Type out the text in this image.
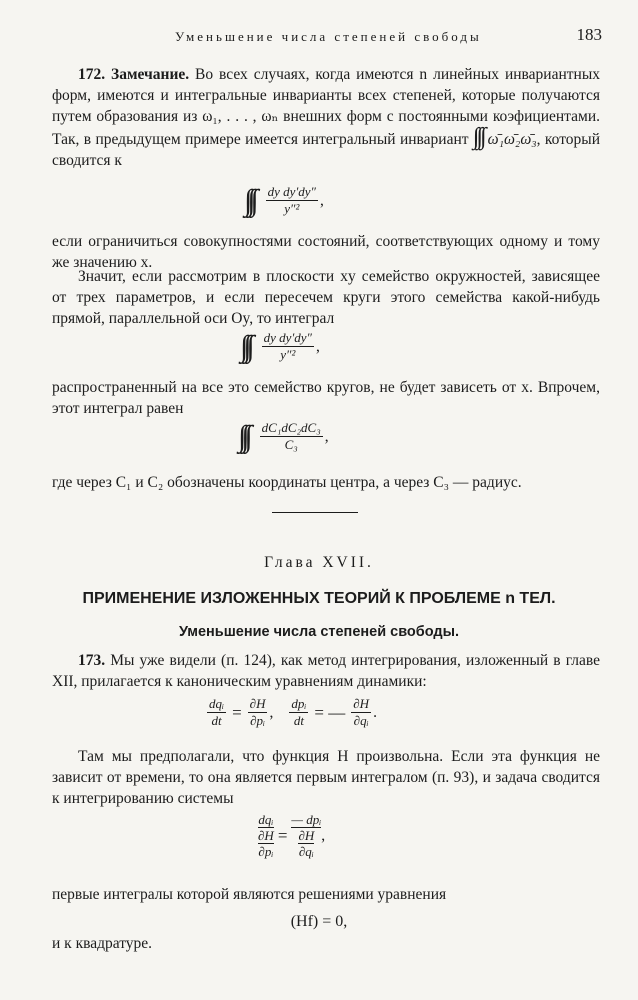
Уменьшение числа степеней свободы	183
172. Замечание. Во всех случаях, когда имеются n линейных инвариантных форм, имеются и интегральные инварианты всех степеней, которые получаются путем образования из ω₁, . . . , ωₙ внешних форм с постоянными коэфициентами. Так, в предыдущем примере имеется интегральный инвариант ∫∫∫ ω̄₁ω̄₂ω̄₃, который сводится к
∫∫∫ $\frac{\text{dy dy′dy″}}{\text{y″²}}$ ,
если ограничиться совокупностями состояний, соответствующих одному и тому же значению x.
Значит, если рассмотрим в плоскости xy семейство окружностей, зависящее от трех параметров, и если пересечем круги этого семейства какой-нибудь прямой, параллельной оси Oy, то интеграл
∫∫∫ $\frac{\text{dy dy′dy″}}{\text{y″²}}$ ,
распространенный на все это семейство кругов, не будет зависеть от x. Впрочем, этот интеграл равен
∫∫∫ $\frac{\text{dC₁dC₂dC₃}}{\text{C₃}}$ ,
где через C₁ и C₂ обозначены координаты центра, а через C₃ — радиус.
Глава XVII.
ПРИМЕНЕНИЕ ИЗЛОЖЕННЫХ ТЕОРИЙ К ПРОБЛЕМЕ n ТЕЛ.
Уменьшение числа степеней свободы.
173. Мы уже видели (п. 124), как метод интегрирования, изложенный в главе XII, прилагается к каноническим уравнениям динамики:
$\frac{\text{dqᵢ}}{dt} = \frac{\partial H}{\text{∂pᵢ}}$ , $\frac{\text{dpᵢ}}{dt}$ = — $\frac{\partial H}{\text{∂qᵢ}}$ .
Там мы предполагали, что функция H произвольна. Если эта функция не зависит от времени, то она является первым интегралом (п. 93), и задача сводится к интегрированию системы
dqᵢ
∂H
∂pᵢ
=
— dpᵢ
∂H
∂qᵢ
,
первые интегралы которой являются решениями уравнения
(Hf) = 0,
и к квадратуре.
